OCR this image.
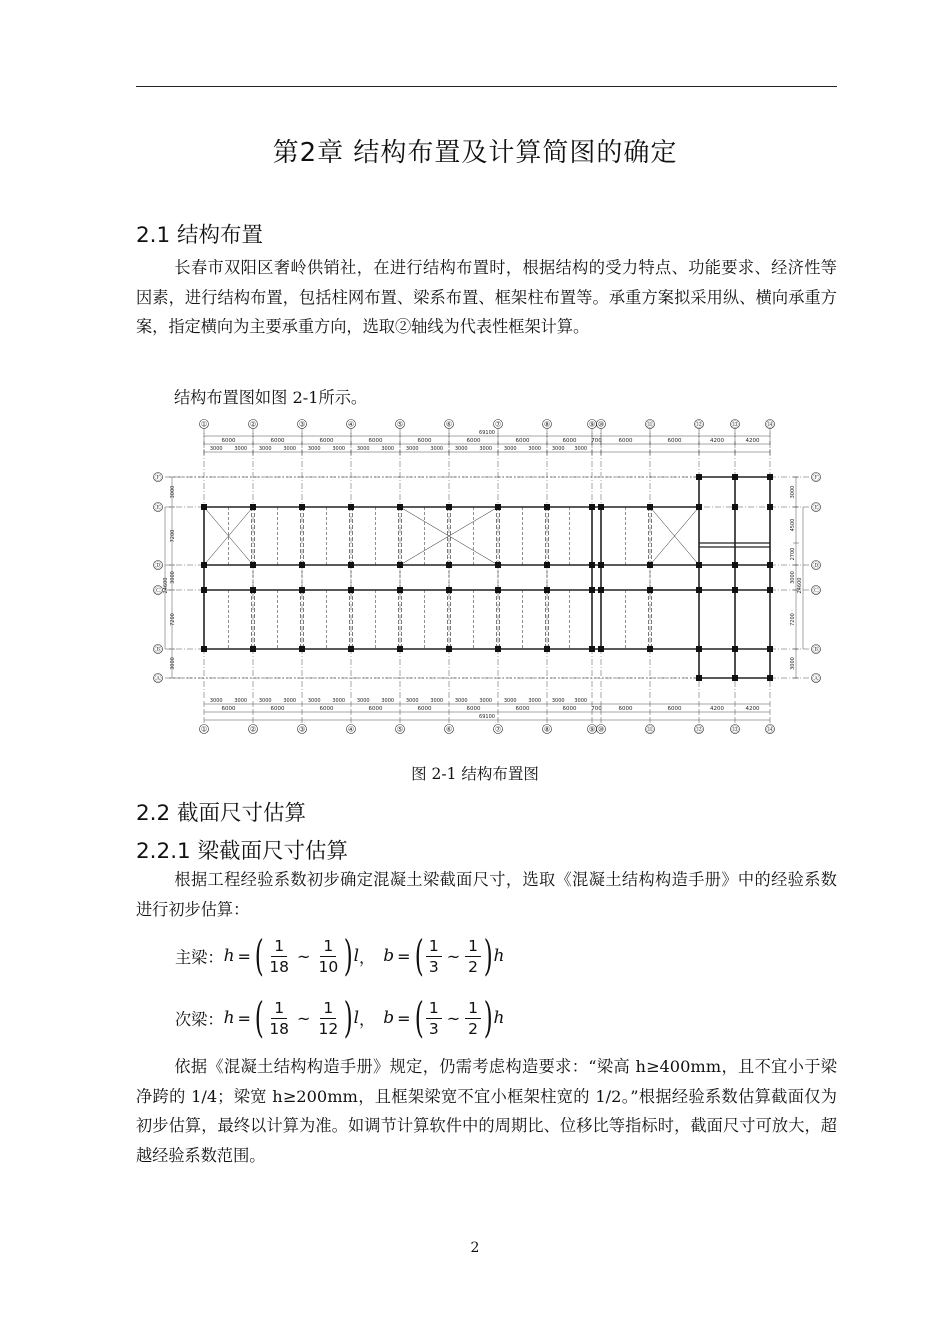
第2章 结构布置及计算简图的确定
2.1 结构布置
长春市双阳区奢岭供销社，在进行结构布置时，根据结构的受力特点、功能要求、经济性等因素，进行结构布置，包括柱网布置、梁系布置、框架柱布置等。承重方案拟采用纵、横向承重方案，指定横向为主要承重方向，选取②轴线为代表性框架计算。
结构布置图如图 2-1所示。
①
①
②
②
③
③
④
④
⑤
⑤
⑥
⑥
⑦
⑦
⑧
⑧
⑨
⑨
⑩
⑩
⑪
⑪
⑫
⑫
⑬
⑬
⑭
⑭
Ⓕ	Ⓕ
Ⓔ	Ⓔ
Ⓓ	Ⓓ
Ⓒ	Ⓒ
Ⓑ	Ⓑ
Ⓐ	Ⓐ
69100
69100
6000
6000
6000
6000
6000
6000
6000
6000
6000
6000
6000
6000
6000
6000
6000
6000
700
700
6000
6000
6000
6000
4200
4200
4200
4200
3000 3000
3000 3000
3000 3000
3000 3000
3000 3000
3000 3000
3000 3000
3000 3000
3000 3000
3000 3000
3000 3000
3000 3000
3000 3000
3000 3000
3000 3000
3000 3000
3000
7200
3000
7200
3000
24600
3000
4500
2700
3000
7200
3000
24600
图 2-1 结构布置图
2.2 截面尺寸估算
2.2.1 梁截面尺寸估算
根据工程经验系数初步确定混凝土梁截面尺寸，选取《混凝土结构构造手册》中的经验系数进行初步估算：
主梁： h = ( $\frac{1}{18}$ ~ $\frac{1}{10}$ ) l ， b = ( $\frac{1}{3}$ ~ $\frac{1}{2}$ ) h
次梁： h = ( $\frac{1}{18}$ ~ $\frac{1}{12}$ ) l ， b = ( $\frac{1}{3}$ ~ $\frac{1}{2}$ ) h
依据《混凝土结构构造手册》规定，仍需考虑构造要求：“梁高 h≥400mm，且不宜小于梁净跨的 1/4；梁宽 h≥200mm，且框架梁宽不宜小框架柱宽的 1/2。”根据经验系数估算截面仅为初步估算，最终以计算为准。如调节计算软件中的周期比、位移比等指标时，截面尺寸可放大，超越经验系数范围。
2
